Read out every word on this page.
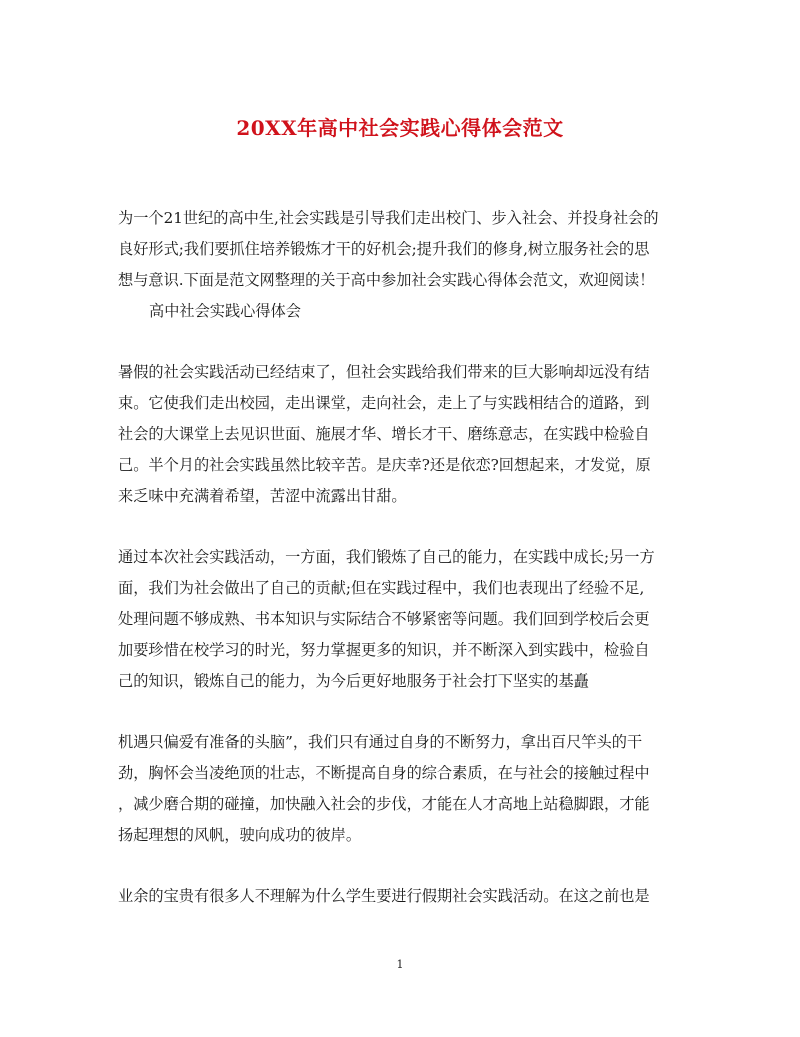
20XX年高中社会实践心得体会范文
为一个21世纪的高中生,社会实践是引导我们走出校门、步入社会、并投身社会的
良好形式;我们要抓住培养锻炼才干的好机会;提升我们的修身,树立服务社会的思
想与意识.下面是范文网整理的关于高中参加社会实践心得体会范文，欢迎阅读！
高中社会实践心得体会
暑假的社会实践活动已经结束了，但社会实践给我们带来的巨大影响却远没有结
束。它使我们走出校园，走出课堂，走向社会，走上了与实践相结合的道路，到
社会的大课堂上去见识世面、施展才华、增长才干、磨练意志，在实践中检验自
己。半个月的社会实践虽然比较辛苦。是庆幸?还是依恋?回想起来，才发觉，原
来乏味中充满着希望，苦涩中流露出甘甜。
通过本次社会实践活动，一方面，我们锻炼了自己的能力，在实践中成长;另一方
面，我们为社会做出了自己的贡献;但在实践过程中，我们也表现出了经验不足,
处理问题不够成熟、书本知识与实际结合不够紧密等问题。我们回到学校后会更
加要珍惜在校学习的时光，努力掌握更多的知识，并不断深入到实践中，检验自
己的知识，锻炼自己的能力，为今后更好地服务于社会打下坚实的基矗
机遇只偏爱有准备的头脑”，我们只有通过自身的不断努力，拿出百尺竿头的干
劲，胸怀会当凌绝顶的壮志，不断提高自身的综合素质，在与社会的接触过程中
，减少磨合期的碰撞，加快融入社会的步伐，才能在人才高地上站稳脚跟，才能
扬起理想的风帆，驶向成功的彼岸。
业余的宝贵有很多人不理解为什么学生要进行假期社会实践活动。在这之前也是
1
